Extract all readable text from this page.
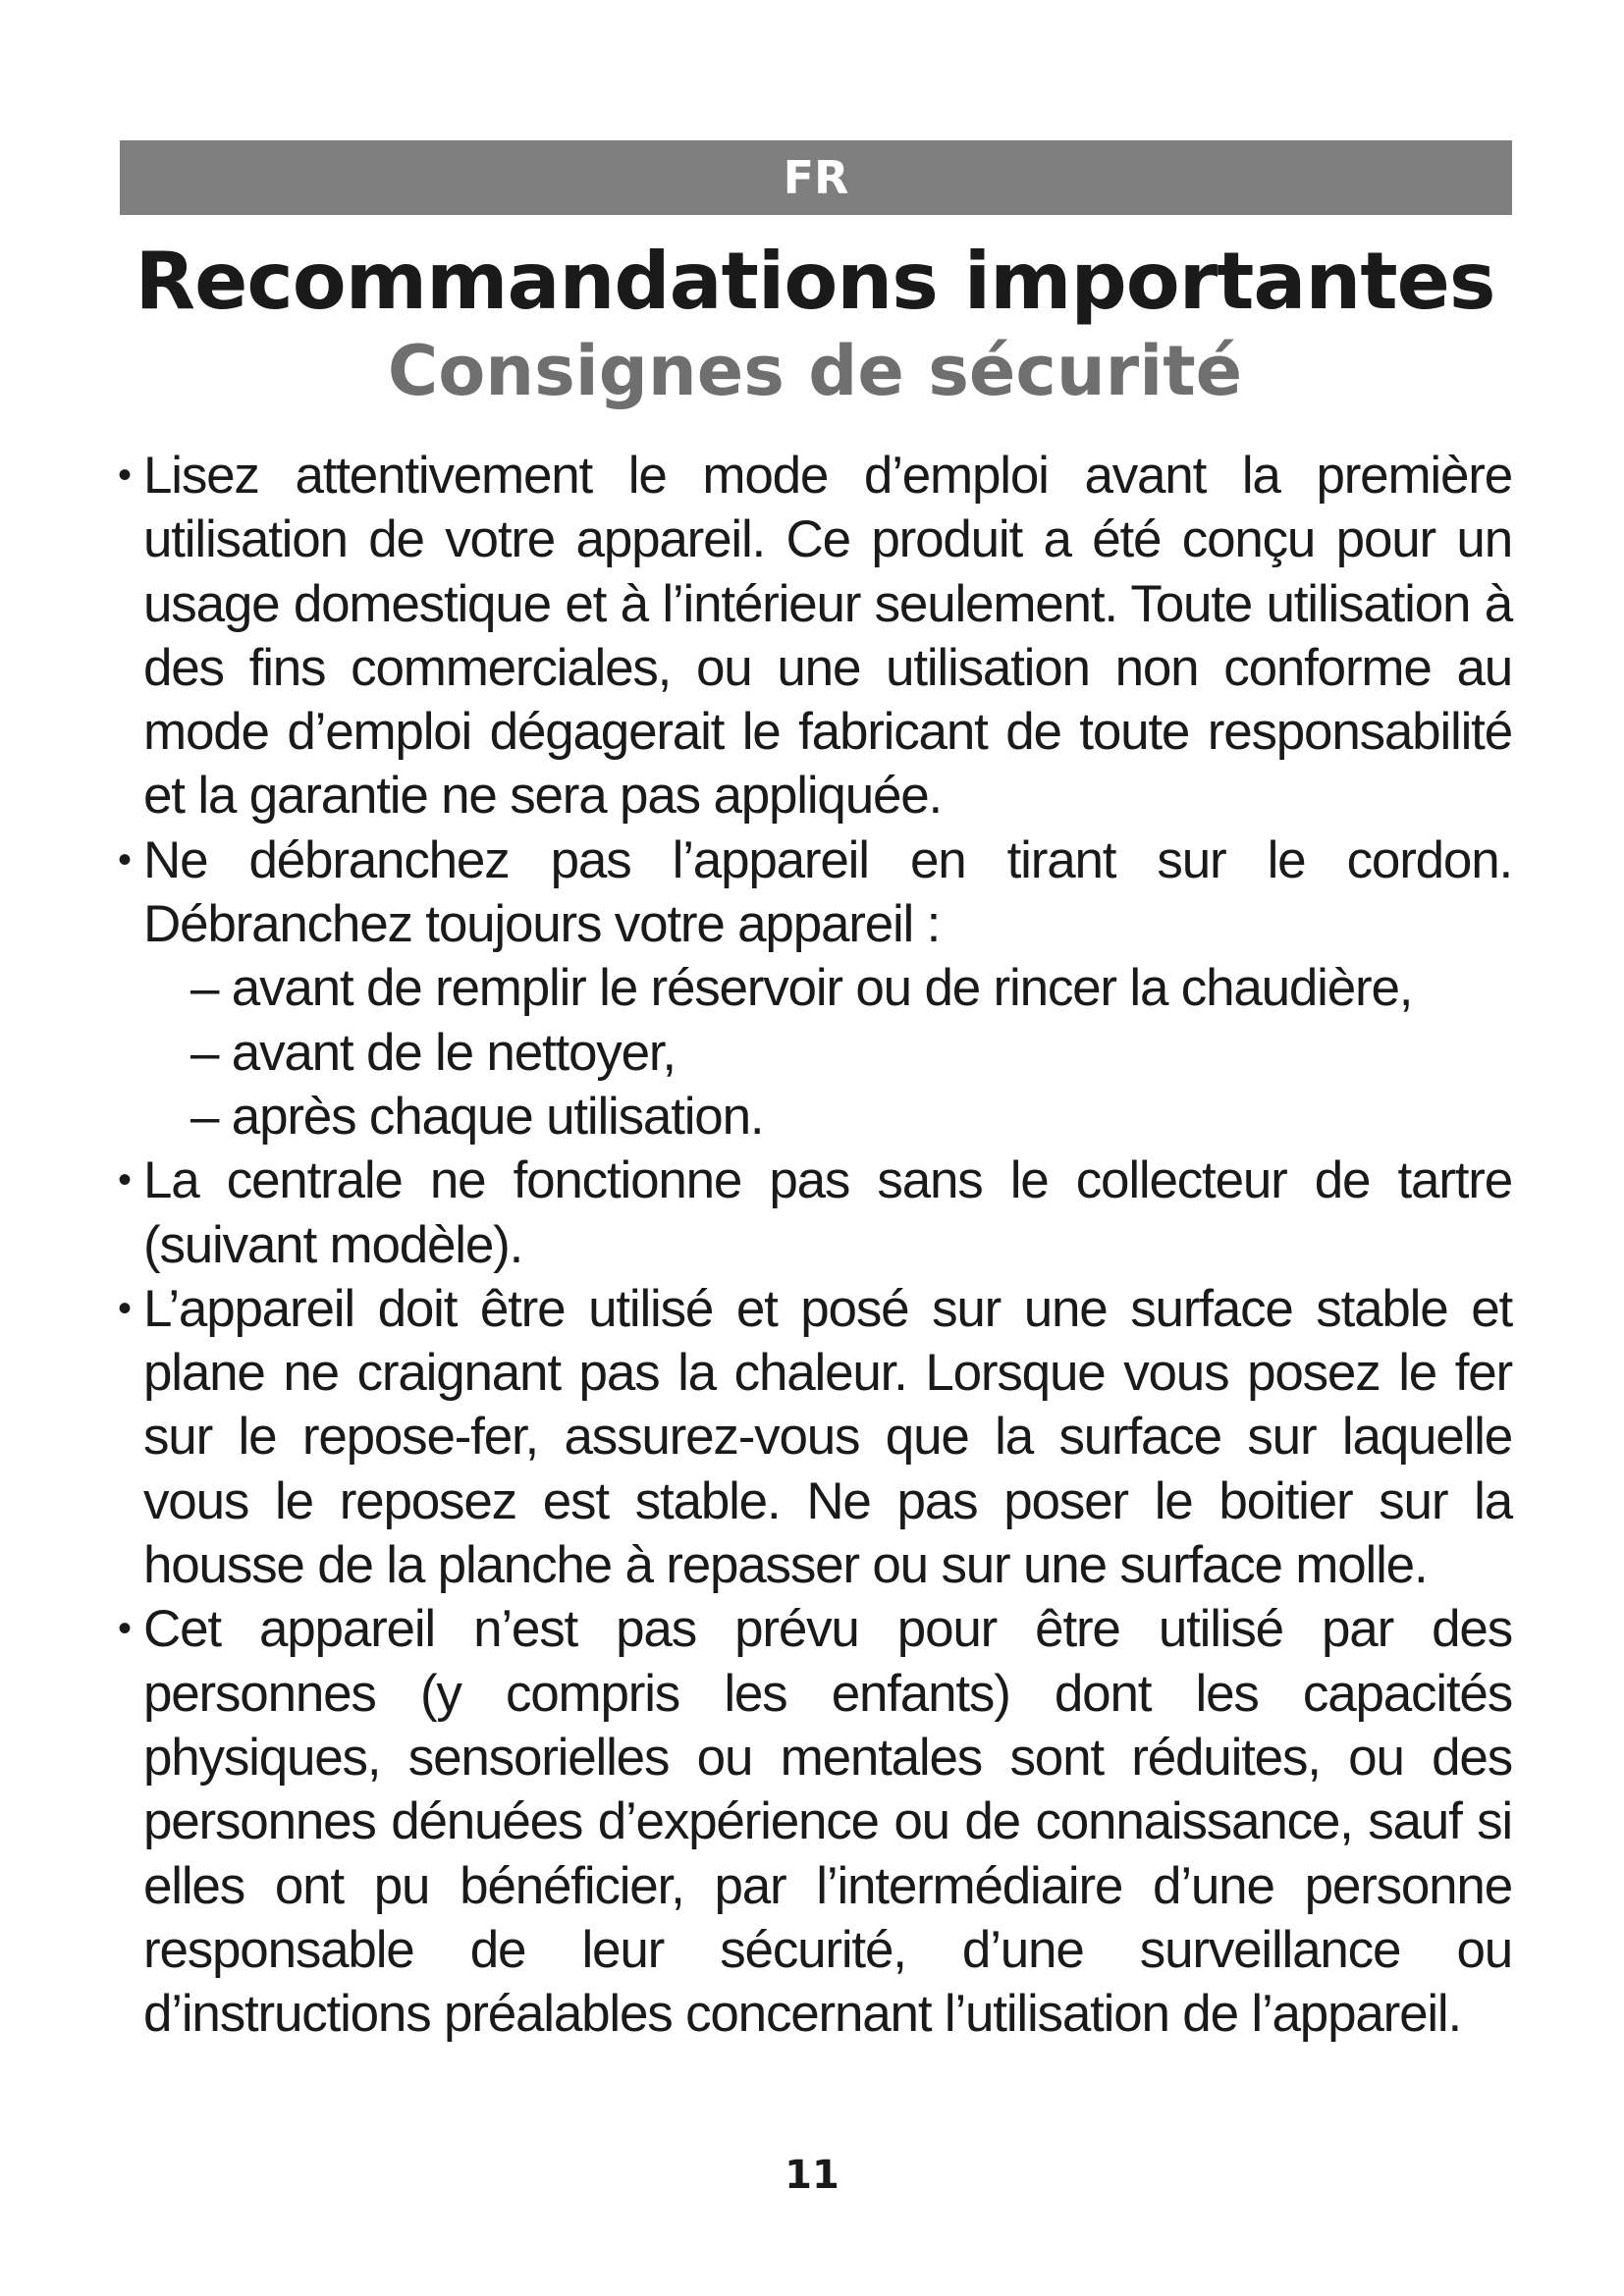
FR
Recommandations importantes
Consignes de sécurité
• Lisez attentivement le mode d’emploi avant la première utilisation de votre appareil. Ce produit a été conçu pour un usage domestique et à l’intérieur seulement. Toute utilisation à des fins commerciales, ou une utilisation non conforme au mode d’emploi dégagerait le fabricant de toute responsabilité et la garantie ne sera pas appliquée.
• Ne débranchez pas l’appareil en tirant sur le cordon. Débranchez toujours votre appareil :
– avant de remplir le réservoir ou de rincer la chaudière,
– avant de le nettoyer,
– après chaque utilisation.
• La centrale ne fonctionne pas sans le collecteur de tartre (suivant modèle).
• L’appareil doit être utilisé et posé sur une surface stable et plane ne craignant pas la chaleur. Lorsque vous posez le fer sur le repose-fer, assurez-vous que la surface sur laquelle vous le reposez est stable. Ne pas poser le boitier sur la housse de la planche à repasser ou sur une surface molle.
• Cet appareil n’est pas prévu pour être utilisé par des personnes (y compris les enfants) dont les capacités physiques, sensorielles ou mentales sont réduites, ou des personnes dénuées d’expérience ou de connaissance, sauf si elles ont pu bénéficier, par l’intermédiaire d’une personne responsable de leur sécurité, d’une surveillance ou d’instructions préalables concernant l’utilisation de l’appareil.
11
